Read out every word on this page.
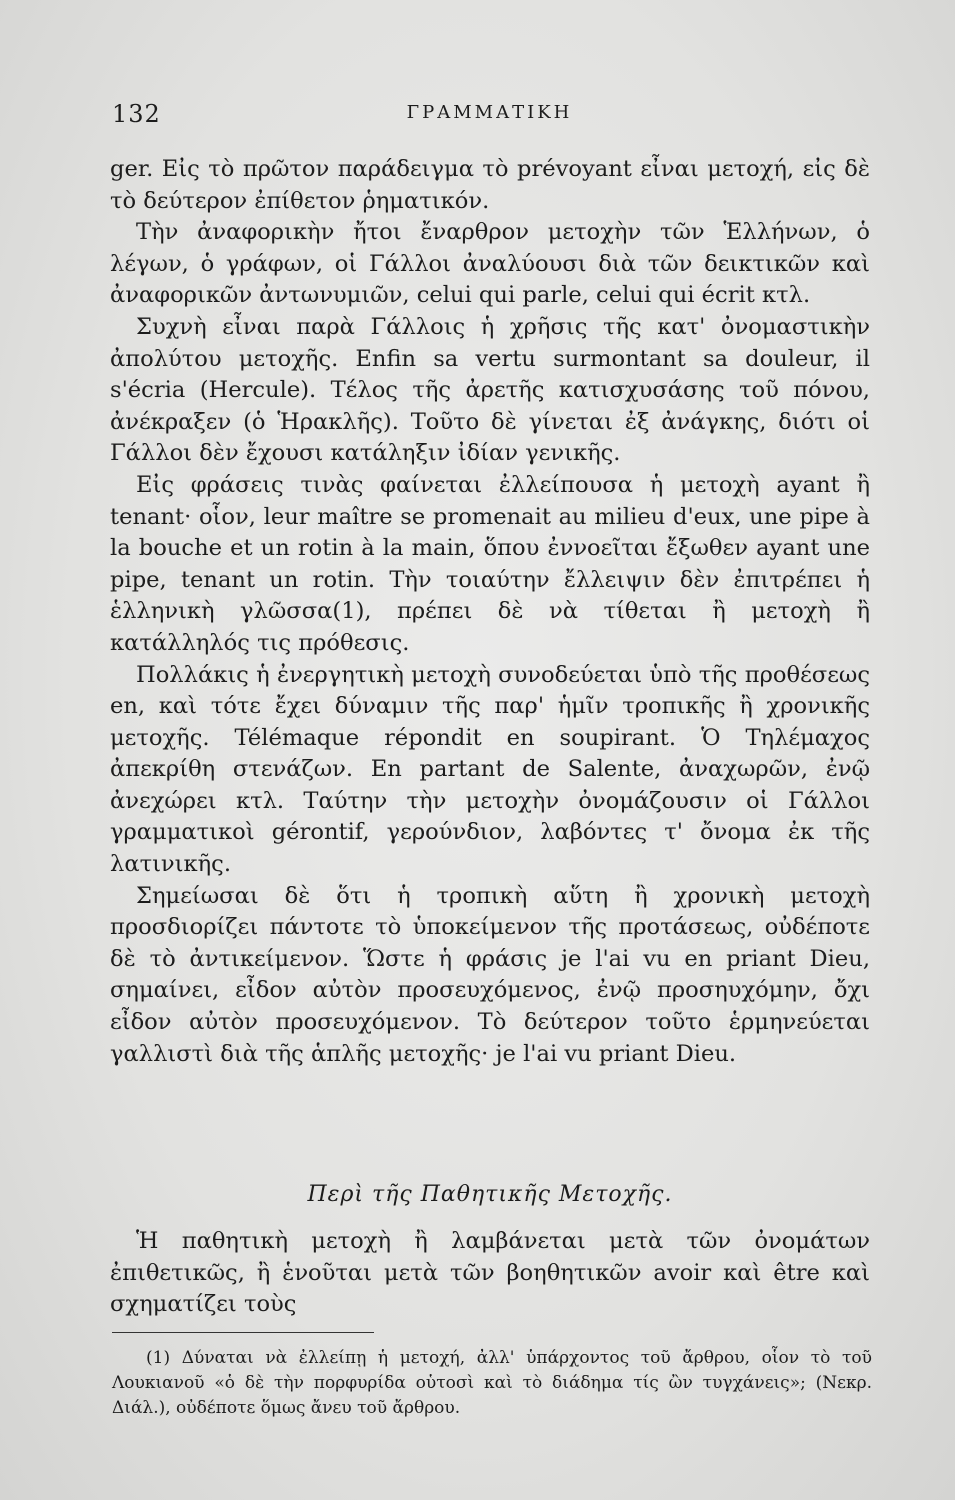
132	ΓΡΑΜΜΑΤΙΚΗ

ger. Εἰς τὸ πρῶτον παράδειγμα τὸ prévoyant εἶναι μετοχή, εἰς δὲ τὸ δεύτερον ἐπίθετον ῥηματικόν.

Τὴν ἀναφορικὴν ἤτοι ἔναρθρον μετοχὴν τῶν Ἑλλήνων, ὁ λέγων, ὁ γράφων, οἱ Γάλλοι ἀναλύουσι διὰ τῶν δεικτικῶν καὶ ἀναφορικῶν ἀντωνυμιῶν, celui qui parle, celui qui écrit κτλ.

Συχνὴ εἶναι παρὰ Γάλλοις ἡ χρῆσις τῆς κατ' ὀνομαστικὴν ἀπολύτου μετοχῆς. Enfin sa vertu surmontant sa douleur, il s'écria (Hercule). Τέλος τῆς ἀρετῆς κατισχυσάσης τοῦ πόνου, ἀνέκραξεν (ὁ Ἡρακλῆς). Τοῦτο δὲ γίνεται ἐξ ἀνάγκης, διότι οἱ Γάλλοι δὲν ἔχουσι κατάληξιν ἰδίαν γενικῆς.

Εἰς φράσεις τινὰς φαίνεται ἐλλείπουσα ἡ μετοχὴ ayant ἢ tenant· οἷον, leur maître se promenait au milieu d'eux, une pipe à la bouche et un rotin à la main, ὅπου ἐννοεῖται ἔξωθεν ayant une pipe, tenant un rotin. Τὴν τοιαύτην ἔλλειψιν δὲν ἐπιτρέπει ἡ ἑλληνικὴ γλῶσσα(1), πρέπει δὲ νὰ τίθεται ἢ μετοχὴ ἢ κατάλληλός τις πρόθεσις.

Πολλάκις ἡ ἐνεργητικὴ μετοχὴ συνοδεύεται ὑπὸ τῆς προθέσεως en, καὶ τότε ἔχει δύναμιν τῆς παρ' ἡμῖν τροπικῆς ἢ χρονικῆς μετοχῆς. Télémaque répondit en soupirant. Ὁ Τηλέμαχος ἀπεκρίθη στενάζων. En partant de Salente, ἀναχωρῶν, ἐνῷ ἀνεχώρει κτλ. Ταύτην τὴν μετοχὴν ὀνομάζουσιν οἱ Γάλλοι γραμματικοὶ gérontif, γερούνδιον, λαβόντες τ' ὄνομα ἐκ τῆς λατινικῆς.

Σημείωσαι δὲ ὅτι ἡ τροπικὴ αὕτη ἢ χρονικὴ μετοχὴ προσδιορίζει πάντοτε τὸ ὑποκείμενον τῆς προτάσεως, οὐδέποτε δὲ τὸ ἀντικείμενον. Ὥστε ἡ φράσις je l'ai vu en priant Dieu, σημαίνει, εἶδον αὐτὸν προσευχόμενος, ἐνῷ προσηυχόμην, ὄχι εἶδον αὐτὸν προσευχόμενον. Τὸ δεύτερον τοῦτο ἑρμηνεύεται γαλλιστὶ διὰ τῆς ἁπλῆς μετοχῆς· je l'ai vu priant Dieu.

Περὶ τῆς Παθητικῆς Μετοχῆς.

Ἡ παθητικὴ μετοχὴ ἢ λαμβάνεται μετὰ τῶν ὀνομάτων ἐπιθετικῶς, ἢ ἑνοῦται μετὰ τῶν βοηθητικῶν avoir καὶ être καὶ σχηματίζει τοὺς

(1) Δύναται νὰ ἐλλείπῃ ἡ μετοχή, ἀλλ' ὑπάρχοντος τοῦ ἄρθρου, οἷον τὸ τοῦ Λουκιανοῦ «ὁ δὲ τὴν πορφυρίδα οὑτοσὶ καὶ τὸ διάδημα τίς ὢν τυγχάνεις»; (Νεκρ. Διάλ.), οὐδέποτε ὅμως ἄνευ τοῦ ἄρθρου.
